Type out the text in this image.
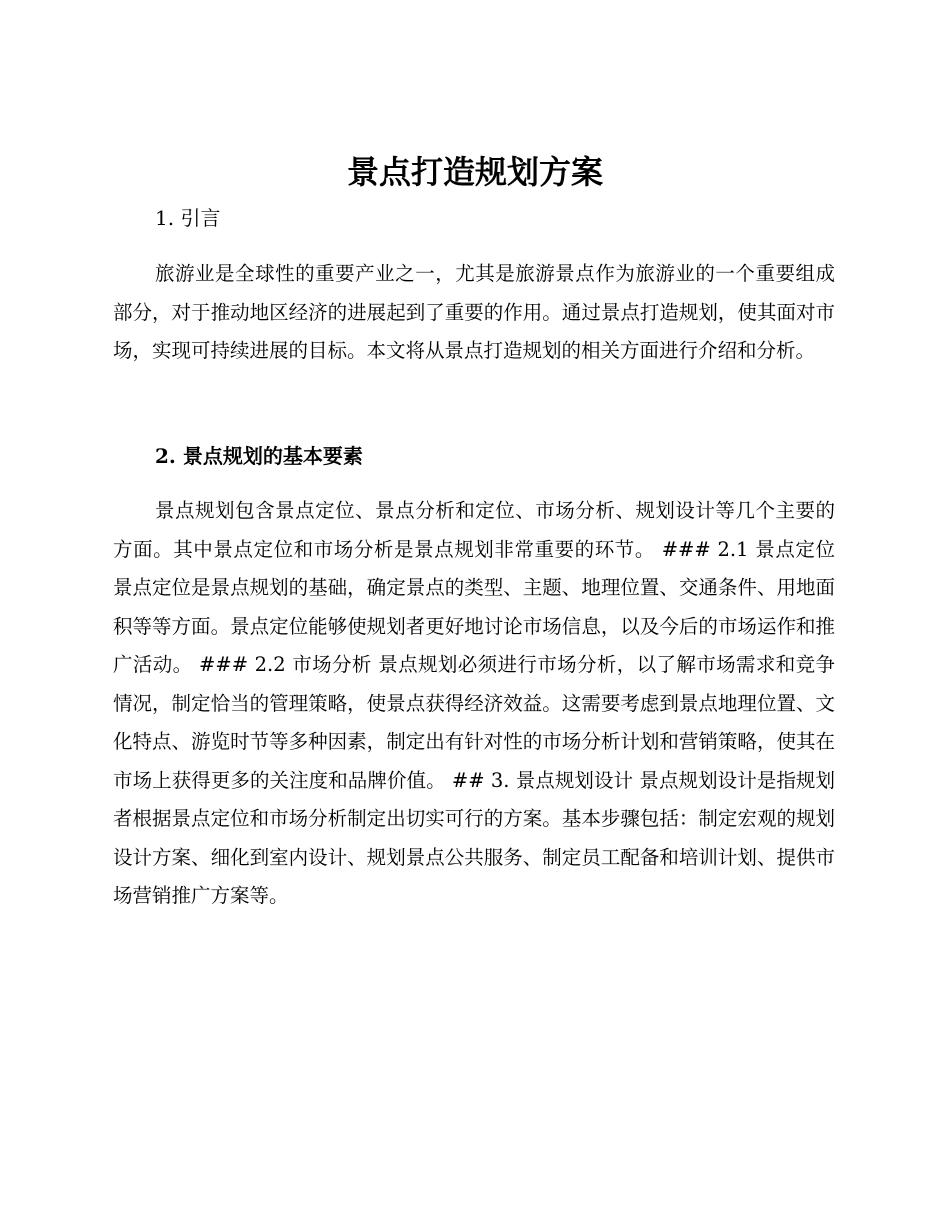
景点打造规划方案
1. 引言

旅游业是全球性的重要产业之一，尤其是旅游景点作为旅游业的一个重要组成部分，对于推动地区经济的进展起到了重要的作用。通过景点打造规划，使其面对市场，实现可持续进展的目标。本文将从景点打造规划的相关方面进行介绍和分析。

2. 景点规划的基本要素

景点规划包含景点定位、景点分析和定位、市场分析、规划设计等几个主要的方面。其中景点定位和市场分析是景点规划非常重要的环节。 ### 2.1 景点定位 景点定位是景点规划的基础，确定景点的类型、主题、地理位置、交通条件、用地面积等等方面。景点定位能够使规划者更好地讨论市场信息，以及今后的市场运作和推广活动。 ### 2.2 市场分析 景点规划必须进行市场分析，以了解市场需求和竞争情况，制定恰当的管理策略，使景点获得经济效益。这需要考虑到景点地理位置、文化特点、游览时节等多种因素，制定出有针对性的市场分析计划和营销策略，使其在市场上获得更多的关注度和品牌价值。 ## 3. 景点规划设计 景点规划设计是指规划者根据景点定位和市场分析制定出切实可行的方案。基本步骤包括：制定宏观的规划设计方案、细化到室内设计、规划景点公共服务、制定员工配备和培训计划、提供市场营销推广方案等。
